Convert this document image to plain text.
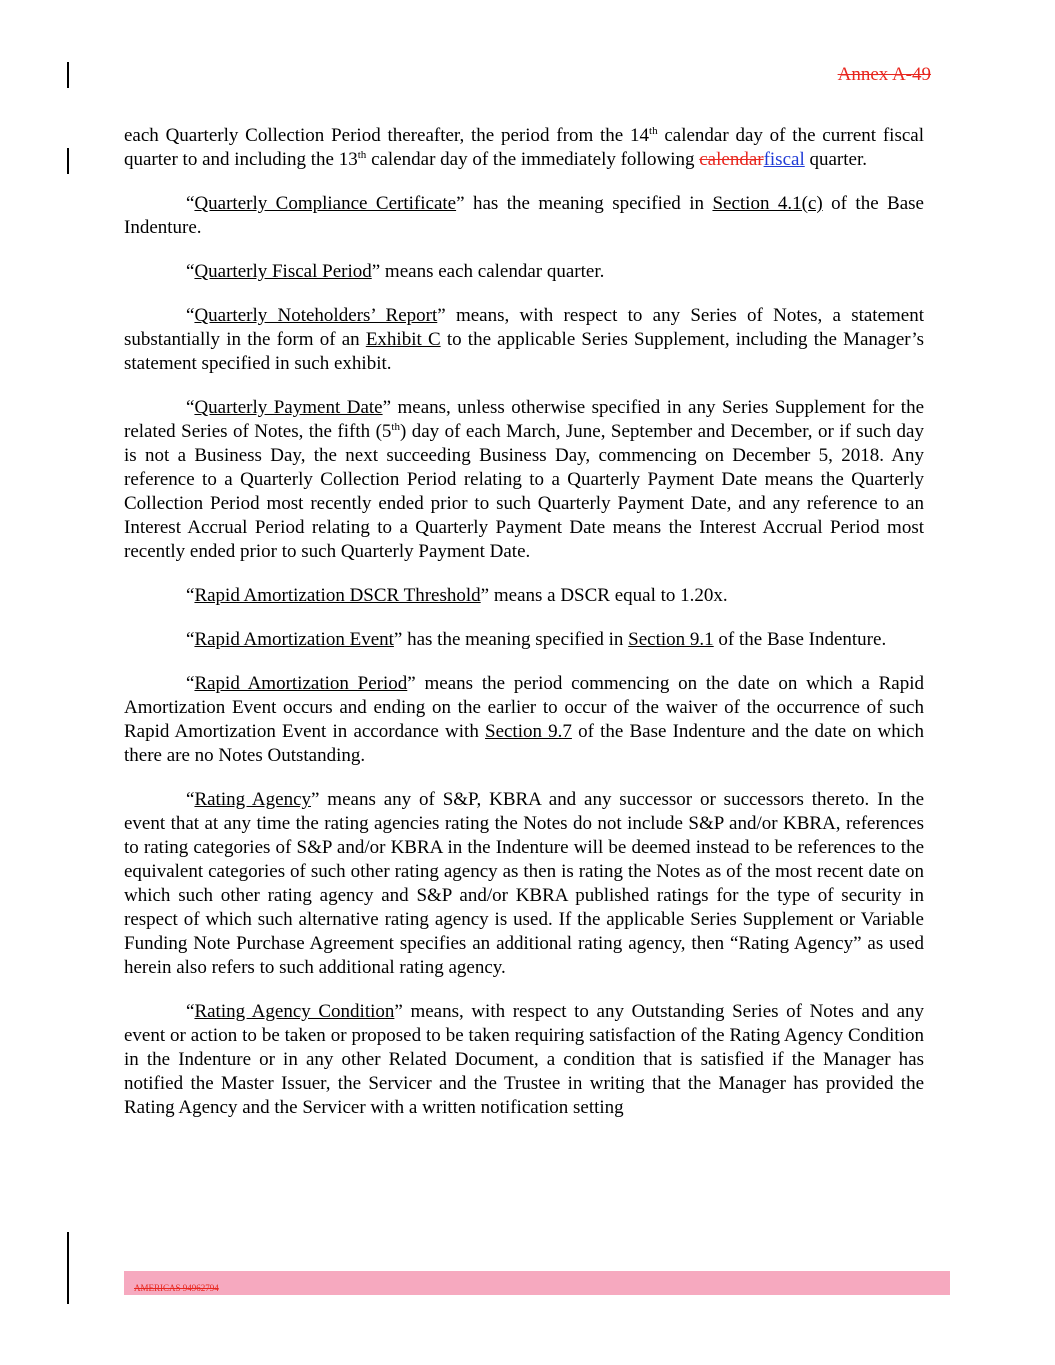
Annex A-49

each Quarterly Collection Period thereafter, the period from the 14th calendar day of the current fiscal quarter to and including the 13th calendar day of the immediately following calendarfiscal quarter.

“Quarterly Compliance Certificate” has the meaning specified in Section 4.1(c) of the Base Indenture.

“Quarterly Fiscal Period” means each calendar quarter.

“Quarterly Noteholders’ Report” means, with respect to any Series of Notes, a statement substantially in the form of an Exhibit C to the applicable Series Supplement, including the Manager’s statement specified in such exhibit.

“Quarterly Payment Date” means, unless otherwise specified in any Series Supplement for the related Series of Notes, the fifth (5th) day of each March, June, September and December, or if such day is not a Business Day, the next succeeding Business Day, commencing on December 5, 2018. Any reference to a Quarterly Collection Period relating to a Quarterly Payment Date means the Quarterly Collection Period most recently ended prior to such Quarterly Payment Date, and any reference to an Interest Accrual Period relating to a Quarterly Payment Date means the Interest Accrual Period most recently ended prior to such Quarterly Payment Date.

“Rapid Amortization DSCR Threshold” means a DSCR equal to 1.20x.

“Rapid Amortization Event” has the meaning specified in Section 9.1 of the Base Indenture.

“Rapid Amortization Period” means the period commencing on the date on which a Rapid Amortization Event occurs and ending on the earlier to occur of the waiver of the occurrence of such Rapid Amortization Event in accordance with Section 9.7 of the Base Indenture and the date on which there are no Notes Outstanding.

“Rating Agency” means any of S&P, KBRA and any successor or successors thereto. In the event that at any time the rating agencies rating the Notes do not include S&P and/or KBRA, references to rating categories of S&P and/or KBRA in the Indenture will be deemed instead to be references to the equivalent categories of such other rating agency as then is rating the Notes as of the most recent date on which such other rating agency and S&P and/or KBRA published ratings for the type of security in respect of which such alternative rating agency is used. If the applicable Series Supplement or Variable Funding Note Purchase Agreement specifies an additional rating agency, then “Rating Agency” as used herein also refers to such additional rating agency.

“Rating Agency Condition” means, with respect to any Outstanding Series of Notes and any event or action to be taken or proposed to be taken requiring satisfaction of the Rating Agency Condition in the Indenture or in any other Related Document, a condition that is satisfied if the Manager has notified the Master Issuer, the Servicer and the Trustee in writing that the Manager has provided the Rating Agency and the Servicer with a written notification setting

AMERICAS 94962794
